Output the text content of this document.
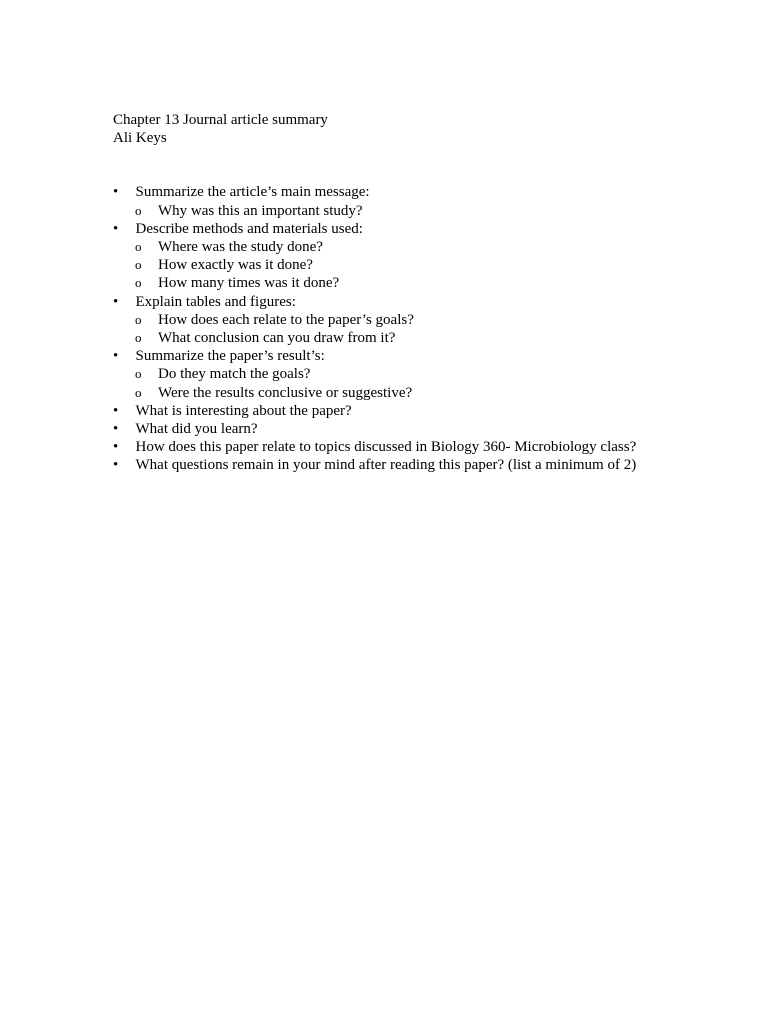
Chapter 13 Journal article summary
Ali Keys
•	Summarize the article’s main message:
o Why was this an important study?
•	Describe methods and materials used:
o Where was the study done?
o How exactly was it done?
o How many times was it done?
•	Explain tables and figures:
o How does each relate to the paper’s goals?
o What conclusion can you draw from it?
•	Summarize the paper’s result’s:
o Do they match the goals?
o Were the results conclusive or suggestive?
•	What is interesting about the paper?
•	What did you learn?
•	How does this paper relate to topics discussed in Biology 360- Microbiology class?
•	What questions remain in your mind after reading this paper? (list a minimum of 2)
